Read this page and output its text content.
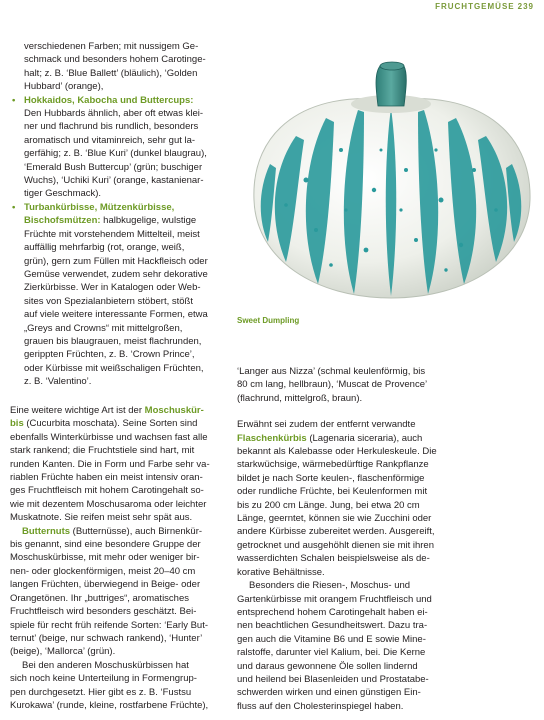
FRUCHTGEMÜSE 239

verschiedenen Farben; mit nussigem Ge-

schmack und besonders hohem Carotinge-

halt; z. B. ‘Blue Ballett’ (bläulich), ‘Golden

Hubbard’ (orange),

• Hokkaidos, Kabocha und Buttercups:

Den Hubbards ähnlich, aber oft etwas klei-

ner und flachrund bis rundlich, besonders

aromatisch und vitaminreich, sehr gut la-

gerfähig; z. B. ‘Blue Kuri’ (dunkel blaugrau),

‘Emerald Bush Buttercup’ (grün; buschiger

Wuchs), ‘Uchiki Kuri’ (orange, kastanienar-

tiger Geschmack).

• Turbankürbisse, Mützenkürbisse,

Bischofsmützen: halbkugelige, wulstige

Früchte mit vorstehendem Mittelteil, meist

auffällig mehrfarbig (rot, orange, weiß,

grün), gern zum Füllen mit Hackfleisch oder

Gemüse verwendet, zudem sehr dekorative

Zierkürbisse. Wer in Katalogen oder Web-

sites von Spezialanbietern stöbert, stößt

auf viele weitere interessante Formen, etwa

„Greys and Crowns“ mit mittelgroßen,

grauen bis blaugrauen, meist flachrunden,

gerippten Früchten, z. B. ‘Crown Prince’,

oder Kürbisse mit weißschaligen Früchten,

z. B. ‘Valentino’.

Eine weitere wichtige Art ist der Moschuskür-

bis (Cucurbita moschata). Seine Sorten sind

ebenfalls Winterkürbisse und wachsen fast alle

stark rankend; die Fruchtstiele sind hart, mit

runden Kanten. Die in Form und Farbe sehr va-

riablen Früchte haben ein meist intensiv oran-

ges Fruchtfleisch mit hohem Carotingehalt so-

wie mit dezentem Moschusaroma oder leichter

Muskatnote. Sie reifen meist sehr spät aus.

Butternuts (Butternüsse), auch Birnenkür-

bis genannt, sind eine besondere Gruppe der

Moschuskürbisse, mit mehr oder weniger bir-

nen- oder glockenförmigen, meist 20–40 cm

langen Früchten, überwiegend in Beige- oder

Orangetönen. Ihr „buttriges“, aromatisches

Fruchtfleisch wird besonders geschätzt. Bei-

spiele für recht früh reifende Sorten: ‘Early But-

ternut’ (beige, nur schwach rankend), ‘Hunter’

(beige), ‘Mallorca’ (grün).

Bei den anderen Moschuskürbissen hat

sich noch keine Unterteilung in Formengrup-

pen durchgesetzt. Hier gibt es z. B. ‘Fustsu

Kurokawa’ (runde, kleine, rostfarbene Früchte),

Sweet Dumpling

‘Langer aus Nizza’ (schmal keulenförmig, bis

80 cm lang, hellbraun), ‘Muscat de Provence’

(flachrund, mittelgroß, braun).

Erwähnt sei zudem der entfernt verwandte

Flaschenkürbis (Lagenaria siceraria), auch

bekannt als Kalebasse oder Herkuleskeule. Die

starkwüchsige, wärmebedürftige Rankpflanze

bildet je nach Sorte keulen-, flaschenförmige

oder rundliche Früchte, bei Keulenformen mit

bis zu 200 cm Länge. Jung, bei etwa 20 cm

Länge, geerntet, können sie wie Zucchini oder

andere Kürbisse zubereitet werden. Ausgereift,

getrocknet und ausgehöhlt dienen sie mit ihren

wasserdichten Schalen beispielsweise als de-

korative Behältnisse.

Besonders die Riesen-, Moschus- und

Gartenkürbisse mit orangem Fruchtfleisch und

entsprechend hohem Carotingehalt haben ei-

nen beachtlichen Gesundheitswert. Dazu tra-

gen auch die Vitamine B6 und E sowie Mine-

ralstoffe, darunter viel Kalium, bei. Die Kerne

und daraus gewonnene Öle sollen lindernd

und heilend bei Blasenleiden und Prostatabe-

schwerden wirken und einen günstigen Ein-

fluss auf den Cholesterinspiegel haben.
